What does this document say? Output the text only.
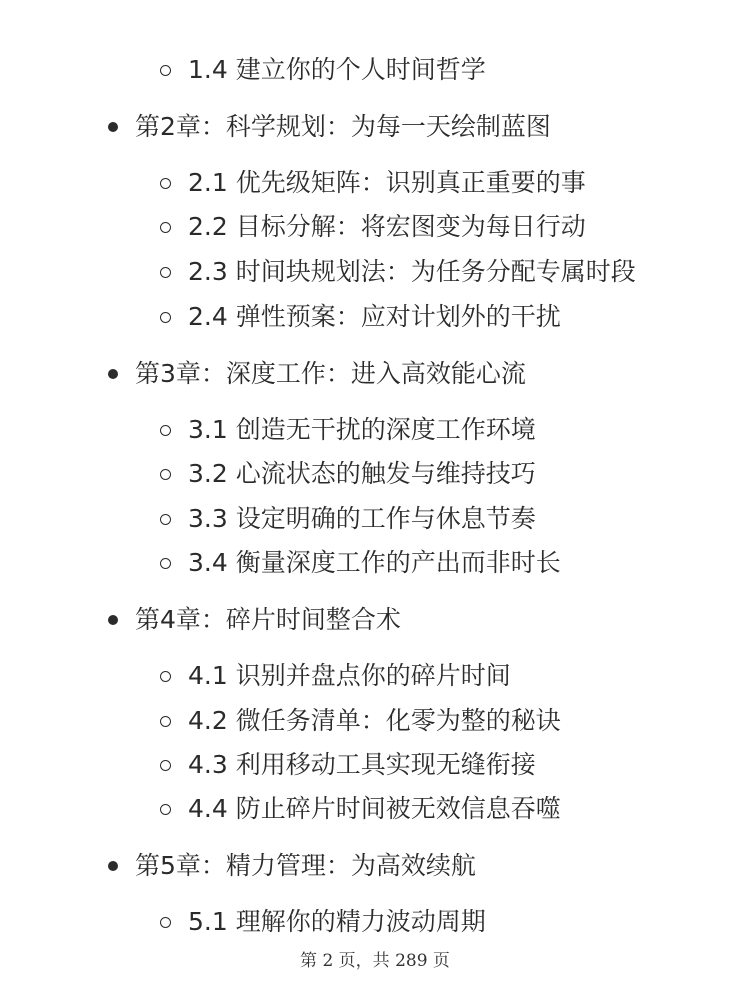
1.4 建立你的个人时间哲学
第2章：科学规划：为每一天绘制蓝图
2.1 优先级矩阵：识别真正重要的事
2.2 目标分解：将宏图变为每日行动
2.3 时间块规划法：为任务分配专属时段
2.4 弹性预案：应对计划外的干扰
第3章：深度工作：进入高效能心流
3.1 创造无干扰的深度工作环境
3.2 心流状态的触发与维持技巧
3.3 设定明确的工作与休息节奏
3.4 衡量深度工作的产出而非时长
第4章：碎片时间整合术
4.1 识别并盘点你的碎片时间
4.2 微任务清单：化零为整的秘诀
4.3 利用移动工具实现无缝衔接
4.4 防止碎片时间被无效信息吞噬
第5章：精力管理：为高效续航
5.1 理解你的精力波动周期
第 2 页，共 289 页
